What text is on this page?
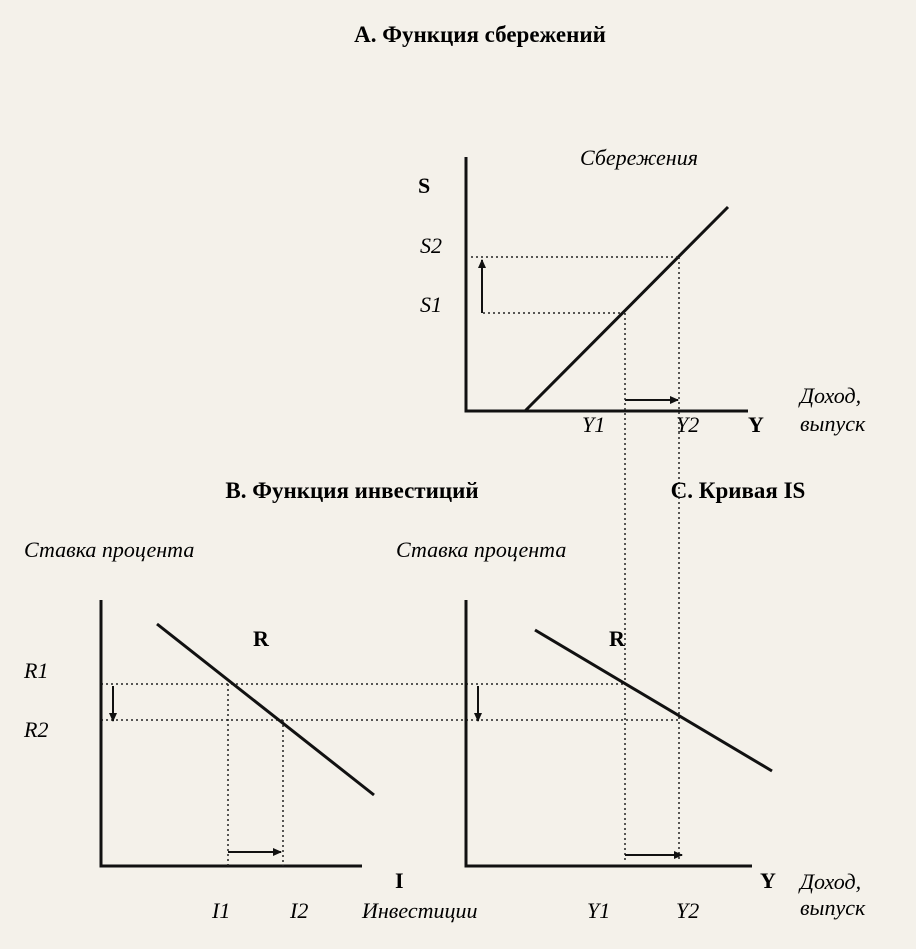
А. Функция сбережений
Сбережения
S
S2
S1
Y1	Y2 Y
Доход,
выпуск
В. Функция инвестиций
Ставка процента
R
R1
R2
I1	I2
I
Инвестиции
С. Кривая IS
Ставка процента
R
Y1	Y2
Y Доход,
выпуск
